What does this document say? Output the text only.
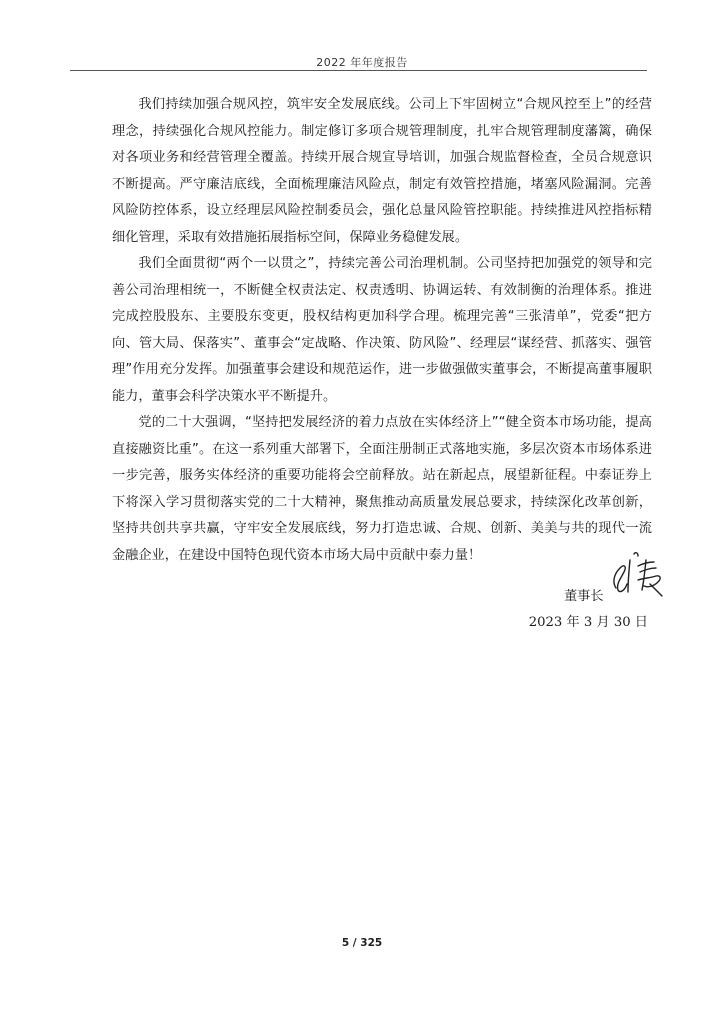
2022 年年度报告

我们持续加强合规风控，筑牢安全发展底线。公司上下牢固树立“合规风控至上”的经营理念，持续强化合规风控能力。制定修订多项合规管理制度，扎牢合规管理制度藩篱，确保对各项业务和经营管理全覆盖。持续开展合规宣导培训，加强合规监督检查，全员合规意识不断提高。严守廉洁底线，全面梳理廉洁风险点，制定有效管控措施，堵塞风险漏洞。完善风险防控体系，设立经理层风险控制委员会，强化总量风险管控职能。持续推进风控指标精细化管理，采取有效措施拓展指标空间，保障业务稳健发展。

我们全面贯彻“两个一以贯之”，持续完善公司治理机制。公司坚持把加强党的领导和完善公司治理相统一，不断健全权责法定、权责透明、协调运转、有效制衡的治理体系。推进完成控股股东、主要股东变更，股权结构更加科学合理。梳理完善“三张清单”，党委“把方向、管大局、保落实”、董事会“定战略、作决策、防风险”、经理层“谋经营、抓落实、强管理”作用充分发挥。加强董事会建设和规范运作，进一步做强做实董事会，不断提高董事履职能力，董事会科学决策水平不断提升。

党的二十大强调，“坚持把发展经济的着力点放在实体经济上”“健全资本市场功能，提高直接融资比重”。在这一系列重大部署下，全面注册制正式落地实施，多层次资本市场体系进一步完善，服务实体经济的重要功能将会空前释放。站在新起点，展望新征程。中泰证券上下将深入学习贯彻落实党的二十大精神，聚焦推动高质量发展总要求，持续深化改革创新，坚持共创共享共赢，守牢安全发展底线，努力打造忠诚、合规、创新、美美与共的现代一流金融企业，在建设中国特色现代资本市场大局中贡献中泰力量！

董事长
2023 年 3 月 30 日
5 / 325
